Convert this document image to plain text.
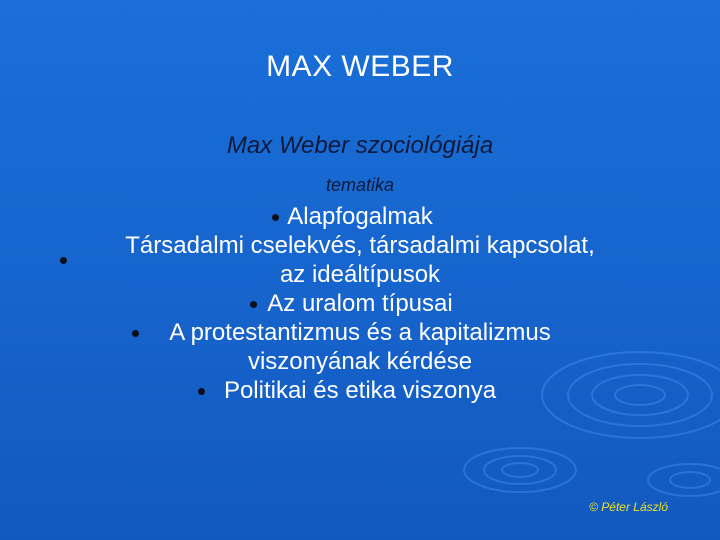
MAX WEBER
Max Weber szociológiája
tematika
Alapfogalmak
Társadalmi cselekvés, társadalmi kapcsolat,
az ideáltípusok
Az uralom típusai
A protestantizmus és a kapitalizmus
viszonyának kérdése
Politikai és etika viszonya
© Péter László
